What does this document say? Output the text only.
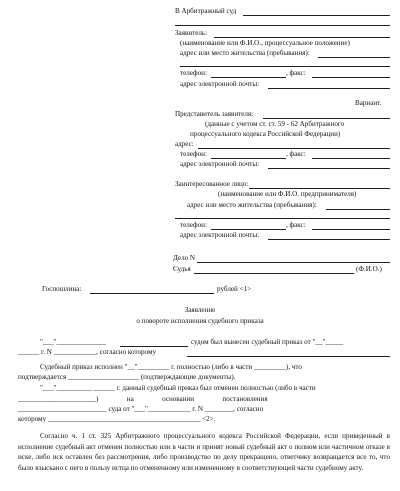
В Арбитражный суд
Заявитель:
(наименование или Ф.И.О., процессуальное положение)
адрес или место жительства (пребывания):
телефон:	, факс:
адрес электронной почты:
Вариант.
Представитель заявителя:
(данные с учетом ст. ст. 59 - 62 Арбитражного
процессуального кодекса Российской Федерации)
адрес:
телефон:	, факс:
адрес электронной почты:
Заинтересованное лицо:
(наименование или Ф.И.О. предпринимателя)
адрес или место жительства (пребывания):
телефон:	, факс:
адрес электронной почты:
Дело N
Судья	(Ф.И.О.)
Госпошлина:	рублей <1>
Заявление
о повороте исполнения судебного приказа
"___"______________	судом был вынесен судебный приказ от "__"_____
______ г. N ____________, согласно которому
Судебный приказ исполнен "__"_________ г. полностью (либо в части _________), что
подтверждается ____________________ (подтверждающие документы).
"___"__________ ______ г. данный судебный приказ был отменен полностью (либо в части
______________________)                на                основании                постановления
_________________________ суда от "___"____________ г. N ________, согласно
которому ___________________________________________ <2>.
Согласно ч. 1 ст. 325 Арбитражного процессуального кодекса Российской Федерации, если приведенный в исполнение судебный акт отменен полностью или в части и принят новый судебный акт о полном или частичном отказе в иске, либо иск оставлен без рассмотрения, либо производство по делу прекращено, ответчику возвращается все то, что было взыскано с него в пользу истца по отмененному или измененному в соответствующей части судебному акту.
